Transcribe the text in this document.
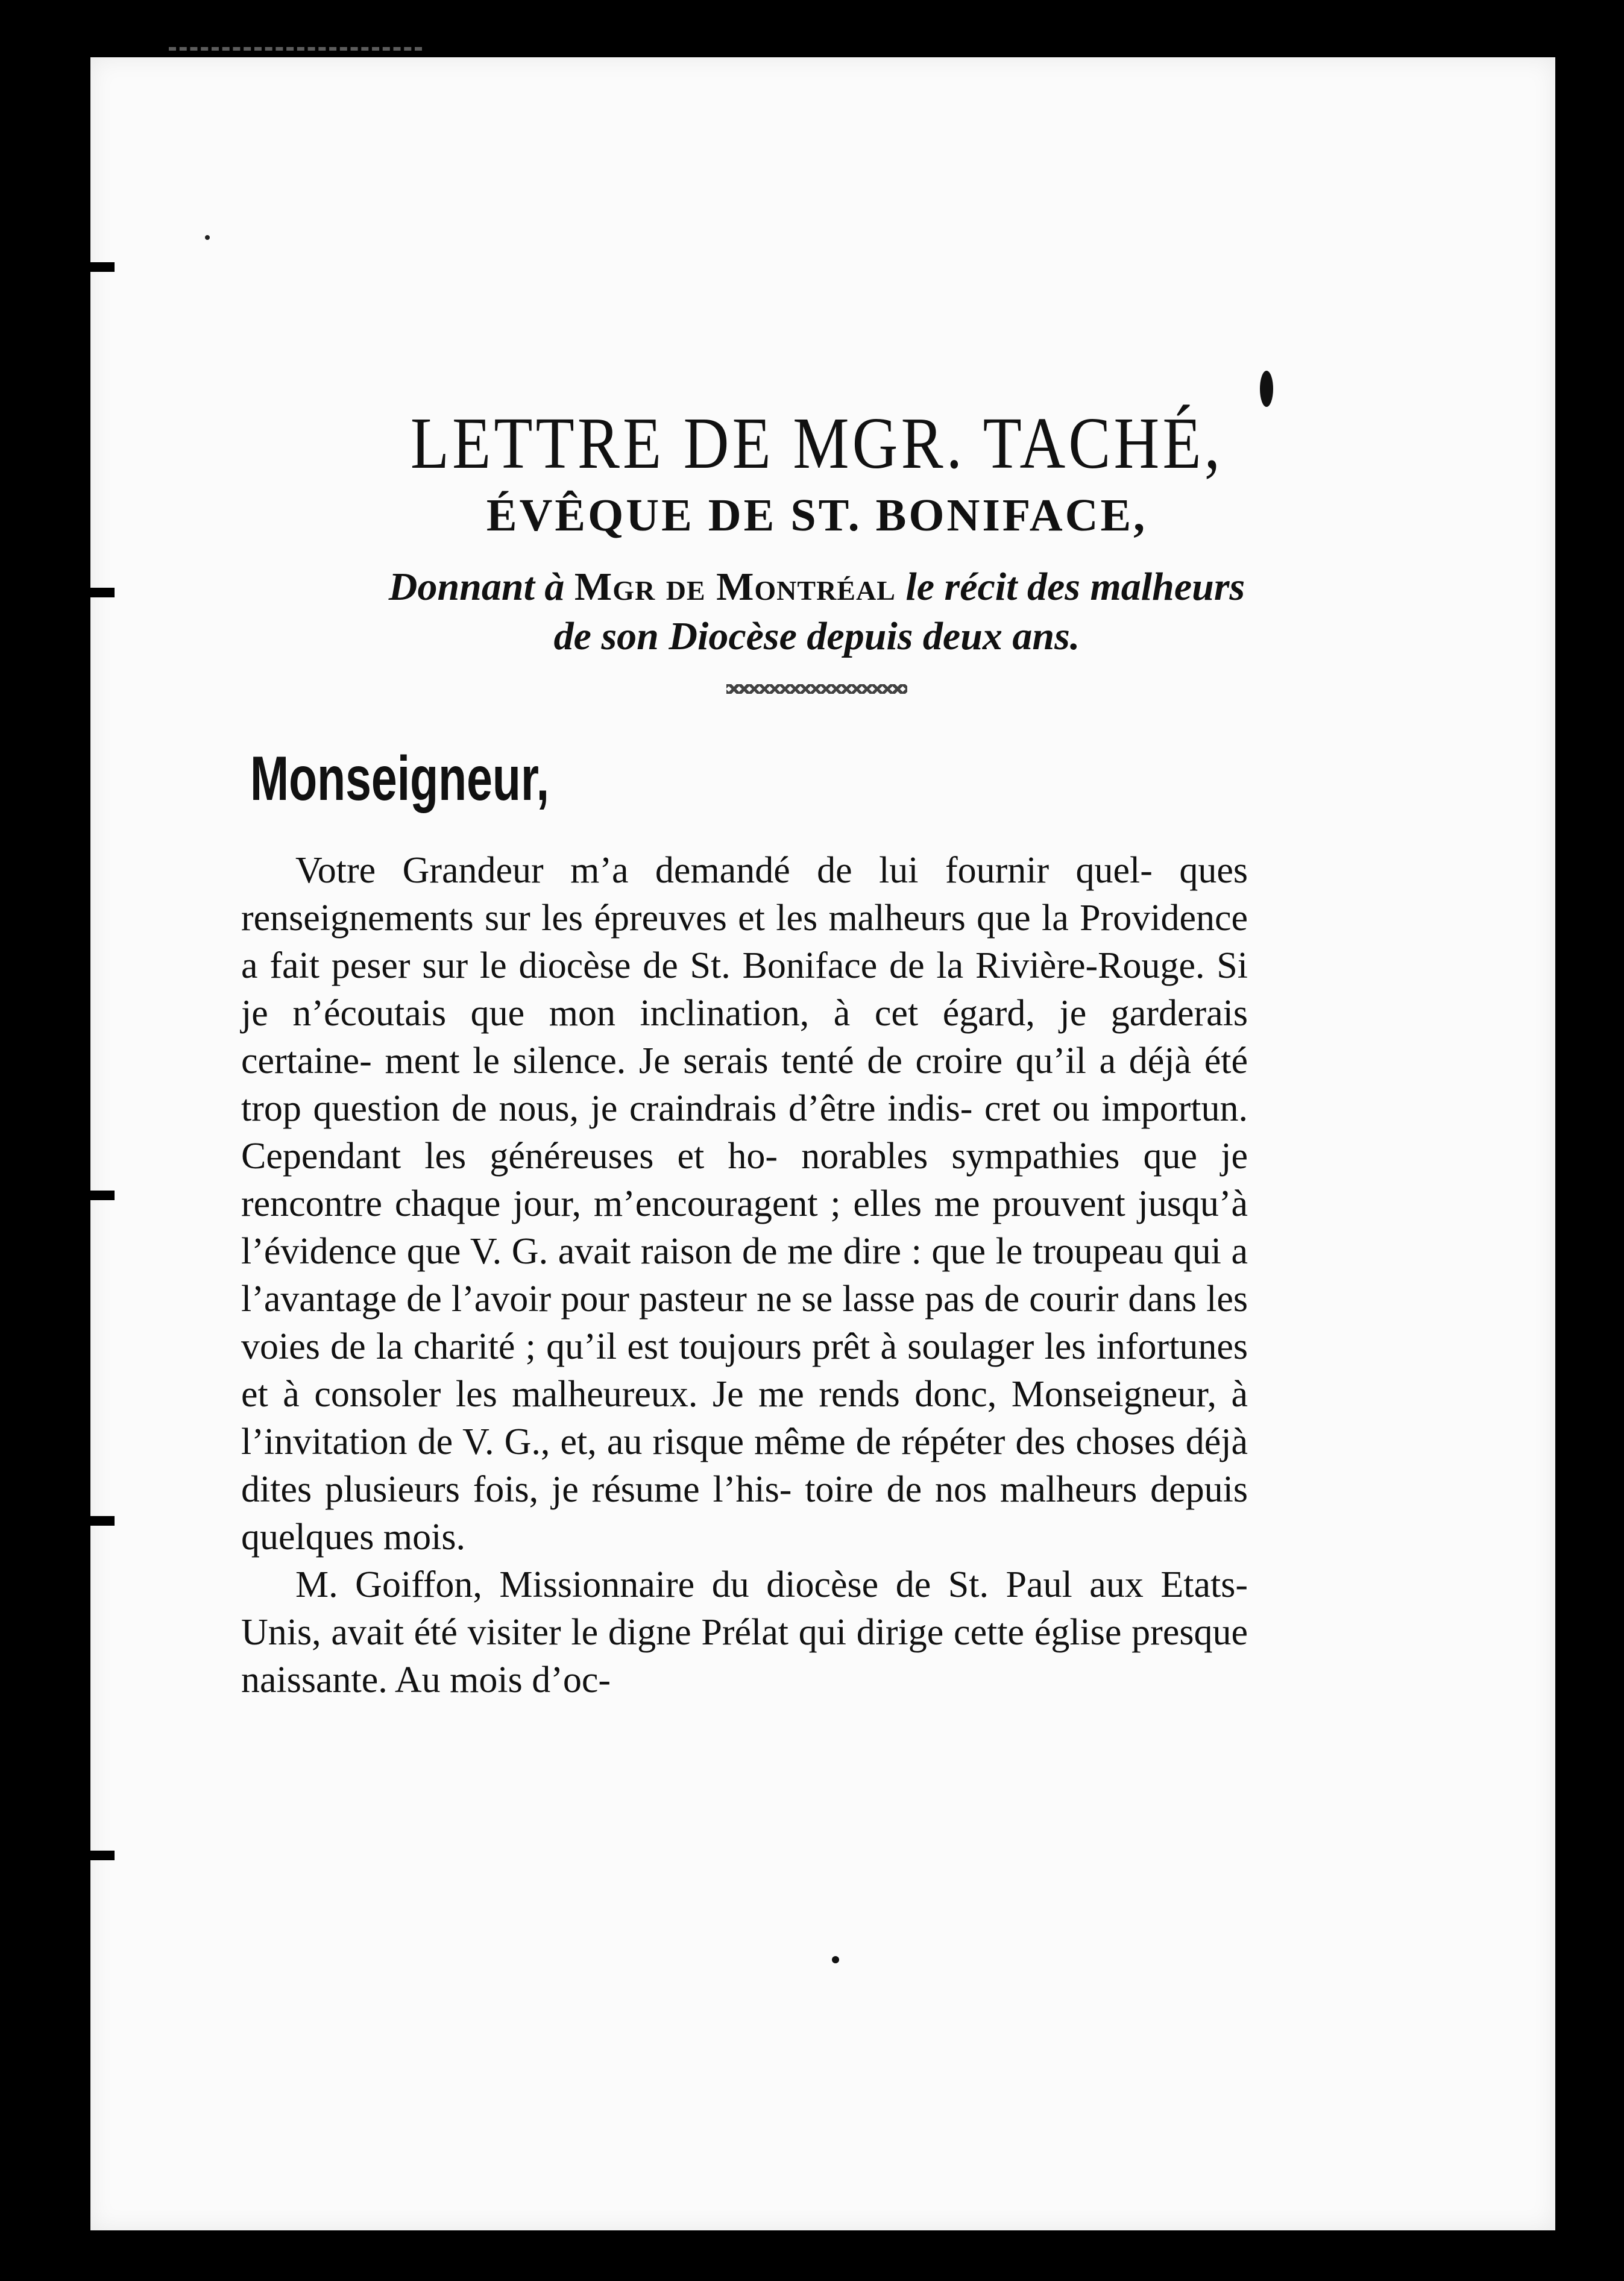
LETTRE DE MGR. TACHÉ,
ÉVÊQUE DE ST. BONIFACE,
Donnant à Mgr de Montréal le récit des malheurs
de son Diocèse depuis deux ans.
Monseigneur,

Votre Grandeur m’a demandé de lui fournir quel- ques renseignements sur les épreuves et les malheurs que la Providence a fait peser sur le diocèse de St. Boniface de la Rivière-Rouge. Si je n’écoutais que mon inclination, à cet égard, je garderais certaine- ment le silence. Je serais tenté de croire qu’il a déjà été trop question de nous, je craindrais d’être indis- cret ou importun. Cependant les généreuses et ho- norables sympathies que je rencontre chaque jour, m’encouragent ; elles me prouvent jusqu’à l’évidence que V. G. avait raison de me dire : que le troupeau qui a l’avantage de l’avoir pour pasteur ne se lasse pas de courir dans les voies de la charité ; qu’il est toujours prêt à soulager les infortunes et à consoler les malheureux. Je me rends donc, Monseigneur, à l’invitation de V. G., et, au risque même de répéter des choses déjà dites plusieurs fois, je résume l’his- toire de nos malheurs depuis quelques mois.

M. Goiffon, Missionnaire du diocèse de St. Paul aux Etats-Unis, avait été visiter le digne Prélat qui dirige cette église presque naissante. Au mois d’oc-
